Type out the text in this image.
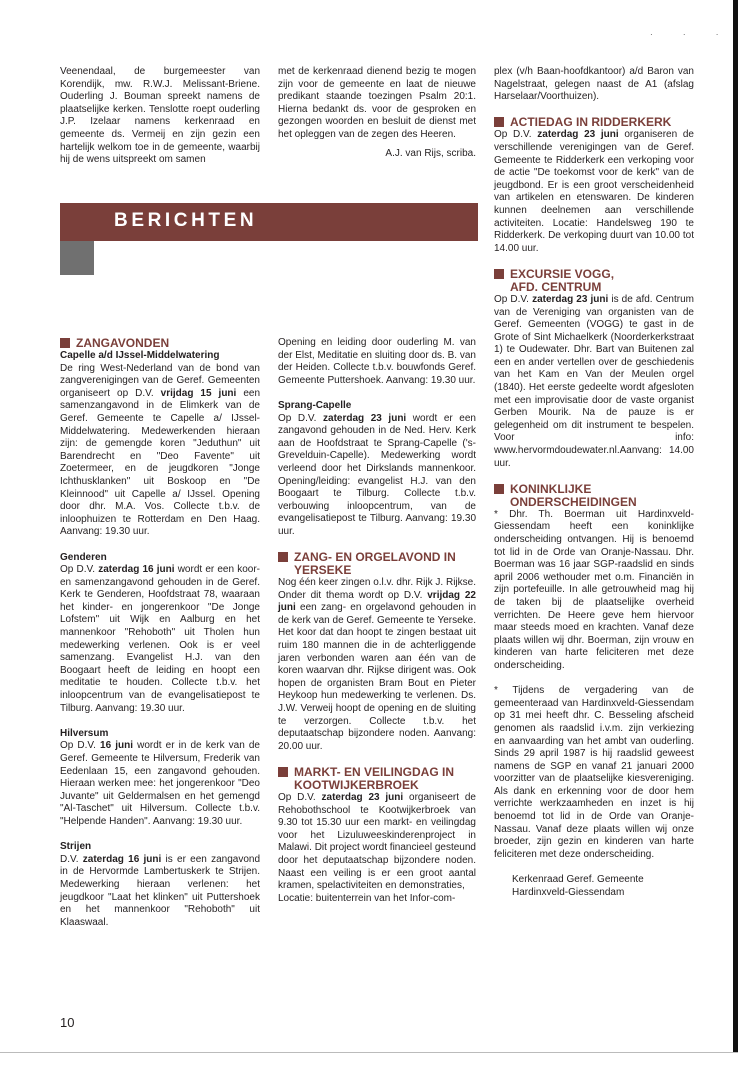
· · ·

Veenendaal, de burgemeester van Korendijk, mw. R.W.J. Melissant-Briene. Ouderling J. Bouman spreekt namens de plaatselijke kerken. Tenslotte roept ouderling J.P. Izelaar namens kerkenraad en gemeente ds. Vermeij en zijn gezin een hartelijk welkom toe in de gemeente, waarbij hij de wens uitspreekt om samen

met de kerkenraad dienend bezig te mogen zijn voor de gemeente en laat de nieuwe predikant staande toezingen Psalm 20:1. Hierna bedankt ds. voor de gesproken en gezongen woorden en besluit de dienst met het opleggen van de zegen des Heeren.

A.J. van Rijs, scriba.

BERICHTEN
ZANGAVONDEN

Capelle a/d IJssel-Middelwatering

De ring West-Nederland van de bond van zangverenigingen van de Geref. Gemeenten organiseert op D.V. vrijdag 15 juni een samenzangavond in de Elimkerk van de Geref. Gemeente te Capelle a/ IJssel-Middelwatering. Medewerkenden hieraan zijn: de gemengde koren "Jeduthun" uit Barendrecht en "Deo Favente" uit Zoetermeer, en de jeugdkoren "Jonge Ichthusklanken" uit Boskoop en "De Kleinnood" uit Capelle a/ IJssel. Opening door dhr. M.A. Vos. Collecte t.b.v. de inloophuizen te Rotterdam en Den Haag. Aanvang: 19.30 uur.

Genderen

Op D.V. zaterdag 16 juni wordt er een koor- en samenzangavond gehouden in de Geref. Kerk te Genderen, Hoofdstraat 78, waaraan het kinder- en jongerenkoor "De Jonge Lofstem" uit Wijk en Aalburg en het mannenkoor "Rehoboth" uit Tholen hun medewerking verlenen. Ook is er veel samenzang. Evangelist H.J. van den Boogaart heeft de leiding en hoopt een meditatie te houden. Collecte t.b.v. het inloopcentrum van de evangelisatiepost te Tilburg. Aanvang: 19.30 uur.

Hilversum

Op D.V. 16 juni wordt er in de kerk van de Geref. Gemeente te Hilversum, Frederik van Eedenlaan 15, een zangavond gehouden. Hieraan werken mee: het jongerenkoor "Deo Juvante" uit Geldermalsen en het gemengd "Al-Taschet" uit Hilversum. Collecte t.b.v. "Helpende Handen". Aanvang: 19.30 uur.

Strijen

D.V. zaterdag 16 juni is er een zangavond in de Hervormde Lambertuskerk te Strijen. Medewerking hieraan verlenen: het jeugdkoor "Laat het klinken" uit Puttershoek en het mannenkoor "Rehoboth" uit Klaaswaal.

Opening en leiding door ouderling M. van der Elst, Meditatie en sluiting door ds. B. van der Heiden. Collecte t.b.v. bouwfonds Geref. Gemeente Puttershoek. Aanvang: 19.30 uur.

Sprang-Capelle

Op D.V. zaterdag 23 juni wordt er een zangavond gehouden in de Ned. Herv. Kerk aan de Hoofdstraat te Sprang-Capelle ('s-Grevelduin-Capelle). Medewerking wordt verleend door het Dirkslands mannenkoor. Opening/leiding: evangelist H.J. van den Boogaart te Tilburg. Collecte t.b.v. verbouwing inloopcentrum, van de evangelisatiepost te Tilburg. Aanvang: 19.30 uur.

ZANG- EN ORGELAVOND IN YERSEKE

Nog één keer zingen o.l.v. dhr. Rijk J. Rijkse. Onder dit thema wordt op D.V. vrijdag 22 juni een zang- en orgelavond gehouden in de kerk van de Geref. Gemeente te Yerseke. Het koor dat dan hoopt te zingen bestaat uit ruim 180 mannen die in de achterliggende jaren verbonden waren aan één van de koren waarvan dhr. Rijkse dirigent was. Ook hopen de organisten Bram Bout en Pieter Heykoop hun medewerking te verlenen. Ds. J.W. Verweij hoopt de opening en de sluiting te verzorgen. Collecte t.b.v. het deputaatschap bijzondere noden. Aanvang: 20.00 uur.

MARKT- EN VEILINGDAG IN KOOTWIJKERBROEK

Op D.V. zaterdag 23 juni organiseert de Rehobothschool te Kootwijkerbroek van 9.30 tot 15.30 uur een markt- en veilingdag voor het Lizuluweeskinderenproject in Malawi. Dit project wordt financieel gesteund door het deputaatschap bijzondere noden. Naast een veiling is er een groot aantal kramen, spelactiviteiten en demonstraties,

Locatie: buitenterrein van het Infor-com-

plex (v/h Baan-hoofdkantoor) a/d Baron van Nagelstraat, gelegen naast de A1 (afslag Harselaar/Voorthuizen).

ACTIEDAG IN RIDDERKERK

Op D.V. zaterdag 23 juni organiseren de verschillende verenigingen van de Geref. Gemeente te Ridderkerk een verkoping voor de actie "De toekomst voor de kerk" van de jeugdbond. Er is een groot verscheidenheid van artikelen en etenswaren. De kinderen kunnen deelnemen aan verschillende activiteiten. Locatie: Handelsweg 190 te Ridderkerk. De verkoping duurt van 10.00 tot 14.00 uur.

EXCURSIE VOGG,
AFD. CENTRUM

Op D.V. zaterdag 23 juni is de afd. Centrum van de Vereniging van organisten van de Geref. Gemeenten (VOGG) te gast in de Grote of Sint Michaelkerk (Noorderkerkstraat 1) te Oudewater. Dhr. Bart van Buitenen zal een en ander vertellen over de geschiedenis van het Kam en Van der Meulen orgel (1840). Het eerste gedeelte wordt afgesloten met een improvisatie door de vaste organist Gerben Mourik. Na de pauze is er gelegenheid om dit instrument te bespelen. Voor info: www.hervormdoudewater.nl.Aanvang: 14.00 uur.

KONINKLIJKE
ONDERSCHEIDINGEN

* Dhr. Th. Boerman uit Hardinxveld-Giessendam heeft een koninklijke onderscheiding ontvangen. Hij is benoemd tot lid in de Orde van Oranje-Nassau. Dhr. Boerman was 16 jaar SGP-raadslid en sinds april 2006 wethouder met o.m. Financiën in zijn portefeuille. In alle getrouwheid mag hij de taken bij de plaatselijke overheid verrichten. De Heere geve hem hiervoor maar steeds moed en krachten. Vanaf deze plaats willen wij dhr. Boerman, zijn vrouw en kinderen van harte feliciteren met deze onderscheiding.

* Tijdens de vergadering van de gemeenteraad van Hardinxveld-Giessendam op 31 mei heeft dhr. C. Besseling afscheid genomen als raadslid i.v.m. zijn verkiezing en aanvaarding van het ambt van ouderling. Sinds 29 april 1987 is hij raadslid geweest namens de SGP en vanaf 21 januari 2000 voorzitter van de plaatselijke kiesvereniging. Als dank en erkenning voor de door hem verrichte werkzaamheden en inzet is hij benoemd tot lid in de Orde van Oranje-Nassau. Vanaf deze plaats willen wij onze broeder, zijn gezin en kinderen van harte feliciteren met deze onderscheiding.

Kerkenraad Geref. Gemeente

Hardinxveld-Giessendam

10
